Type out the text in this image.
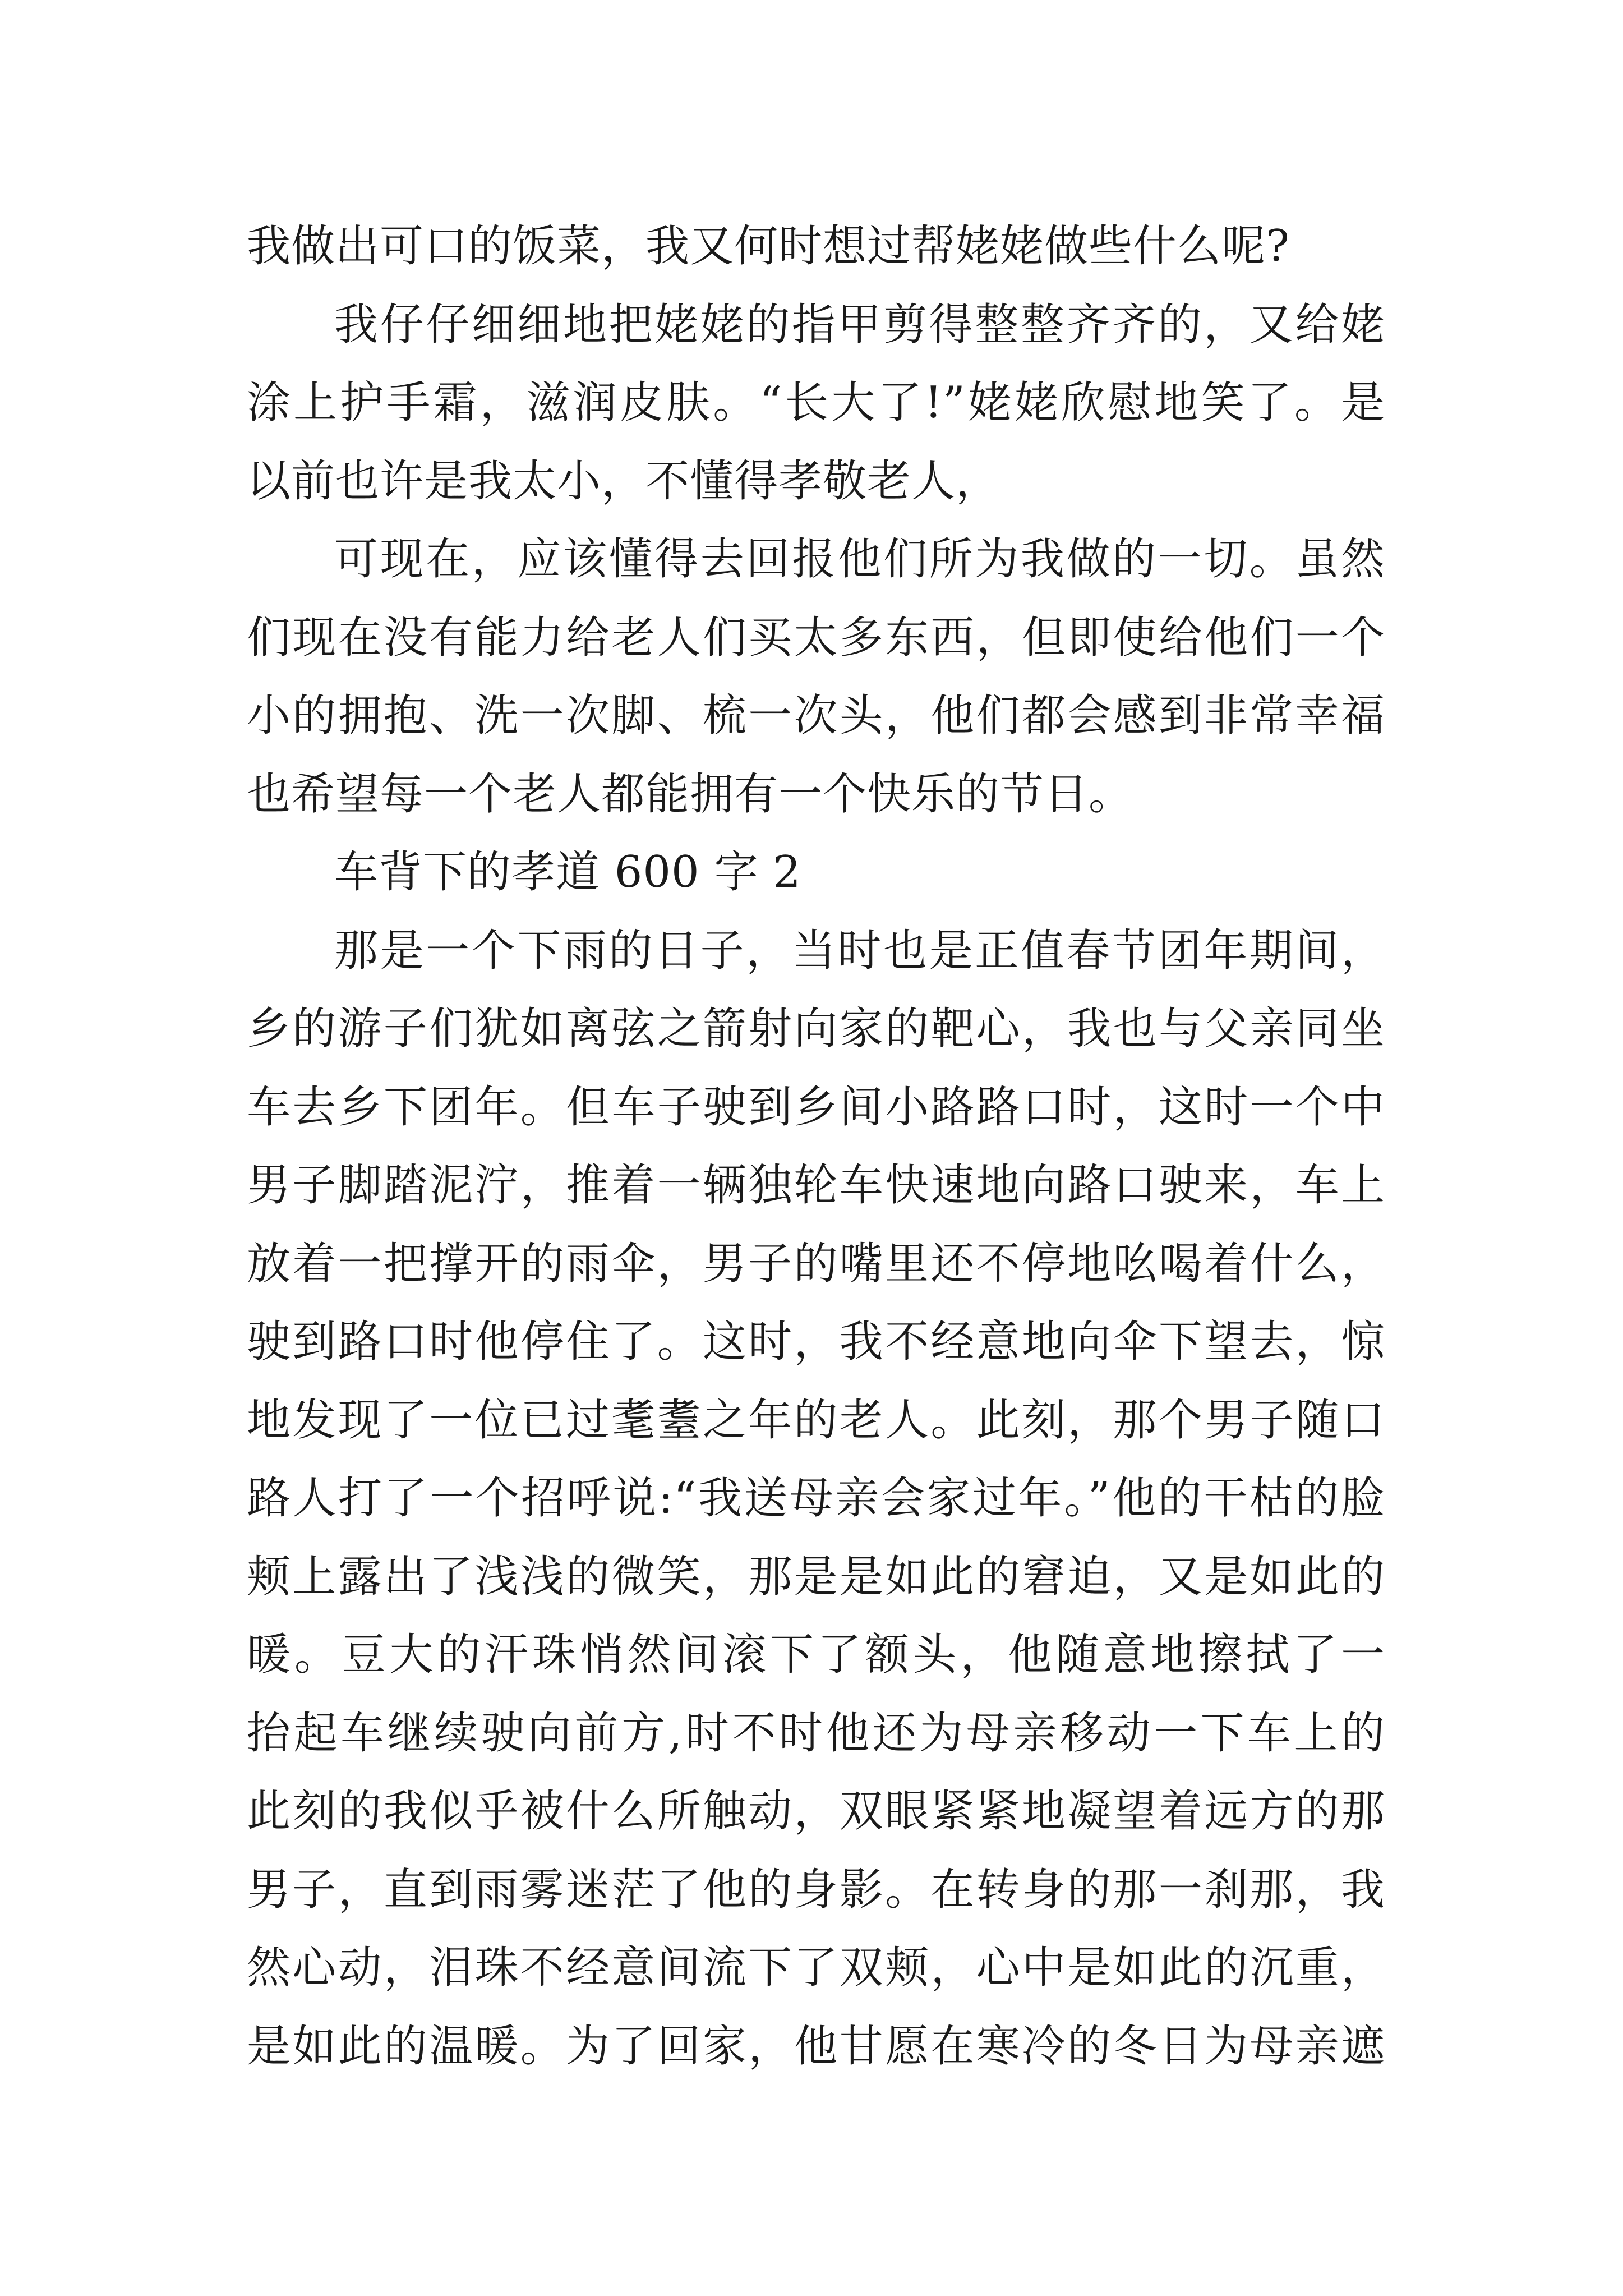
我做出可口的饭菜，我又何时想过帮姥姥做些什么呢?
我仔仔细细地把姥姥的指甲剪得整整齐齐的，又给姥
涂上护手霜，滋润皮肤。“长大了!”姥姥欣慰地笑了。是
以前也许是我太小，不懂得孝敬老人，
可现在，应该懂得去回报他们所为我做的一切。虽然
们现在没有能力给老人们买太多东西，但即使给他们一个
小的拥抱、洗一次脚、梳一次头，他们都会感到非常幸福
也希望每一个老人都能拥有一个快乐的节日。
车背下的孝道 600 字 2
那是一个下雨的日子，当时也是正值春节团年期间，
乡的游子们犹如离弦之箭射向家的靶心，我也与父亲同坐
车去乡下团年。但车子驶到乡间小路路口时，这时一个中
男子脚踏泥泞，推着一辆独轮车快速地向路口驶来，车上
放着一把撑开的雨伞，男子的嘴里还不停地吆喝着什么，
驶到路口时他停住了。这时，我不经意地向伞下望去，惊
地发现了一位已过耄耋之年的老人。此刻，那个男子随口
路人打了一个招呼说:“我送母亲会家过年。”他的干枯的脸
颊上露出了浅浅的微笑，那是是如此的窘迫，又是如此的
暖。豆大的汗珠悄然间滚下了额头，他随意地擦拭了一
抬起车继续驶向前方,时不时他还为母亲移动一下车上的
此刻的我似乎被什么所触动，双眼紧紧地凝望着远方的那
男子，直到雨雾迷茫了他的身影。在转身的那一刹那，我
然心动，泪珠不经意间流下了双颊，心中是如此的沉重，
是如此的温暖。为了回家，他甘愿在寒冷的冬日为母亲遮
